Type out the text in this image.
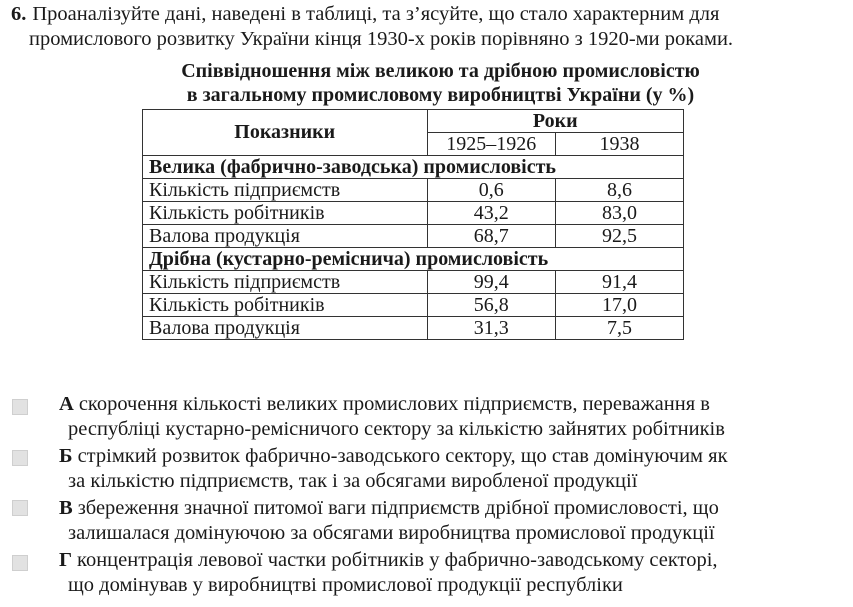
6. Проаналізуйте дані, наведені в таблиці, та з’ясуйте, що стало характерним для
промислового розвитку України кінця 1930-х років порівняно з 1920-ми роками.
Співвідношення між великою та дрібною промисловістю
в загальному промисловому виробництві України (у %)
Показники	Роки	
	1925–1926	1938
Велика (фабрично-заводська) промисловість		
Кількість підприємств	0,6	8,6
Кількість робітників	43,2	83,0
Валова продукція	68,7	92,5
Дрібна (кустарно-реміснича) промисловість		
Кількість підприємств	99,4	91,4
Кількість робітників	56,8	17,0
Валова продукція	31,3	7,5
А скорочення кількості великих промислових підприємств, переважання в
республіці кустарно-ремісничого сектору за кількістю зайнятих робітників
Б стрімкий розвиток фабрично-заводського сектору, що став домінуючим як
за кількістю підприємств, так і за обсягами виробленої продукції
В збереження значної питомої ваги підприємств дрібної промисловості, що
залишалася домінуючою за обсягами виробництва промислової продукції
Г концентрація левової частки робітників у фабрично-заводському секторі,
що домінував у виробництві промислової продукції республіки
